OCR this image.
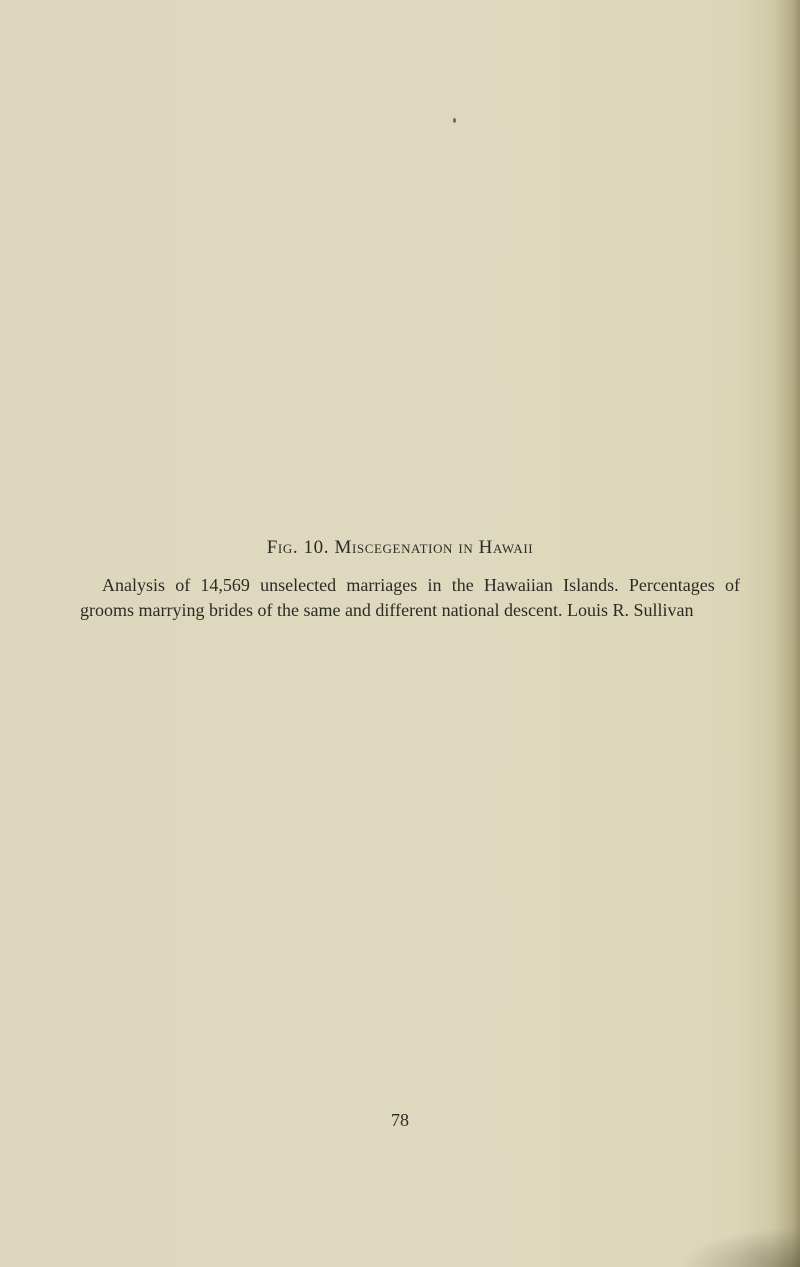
Fig. 10. Miscegenation in Hawaii
Analysis of 14,569 unselected marriages in the Hawaiian Islands. Percentages of grooms marrying brides of the same and different national descent. Louis R. Sullivan
78
